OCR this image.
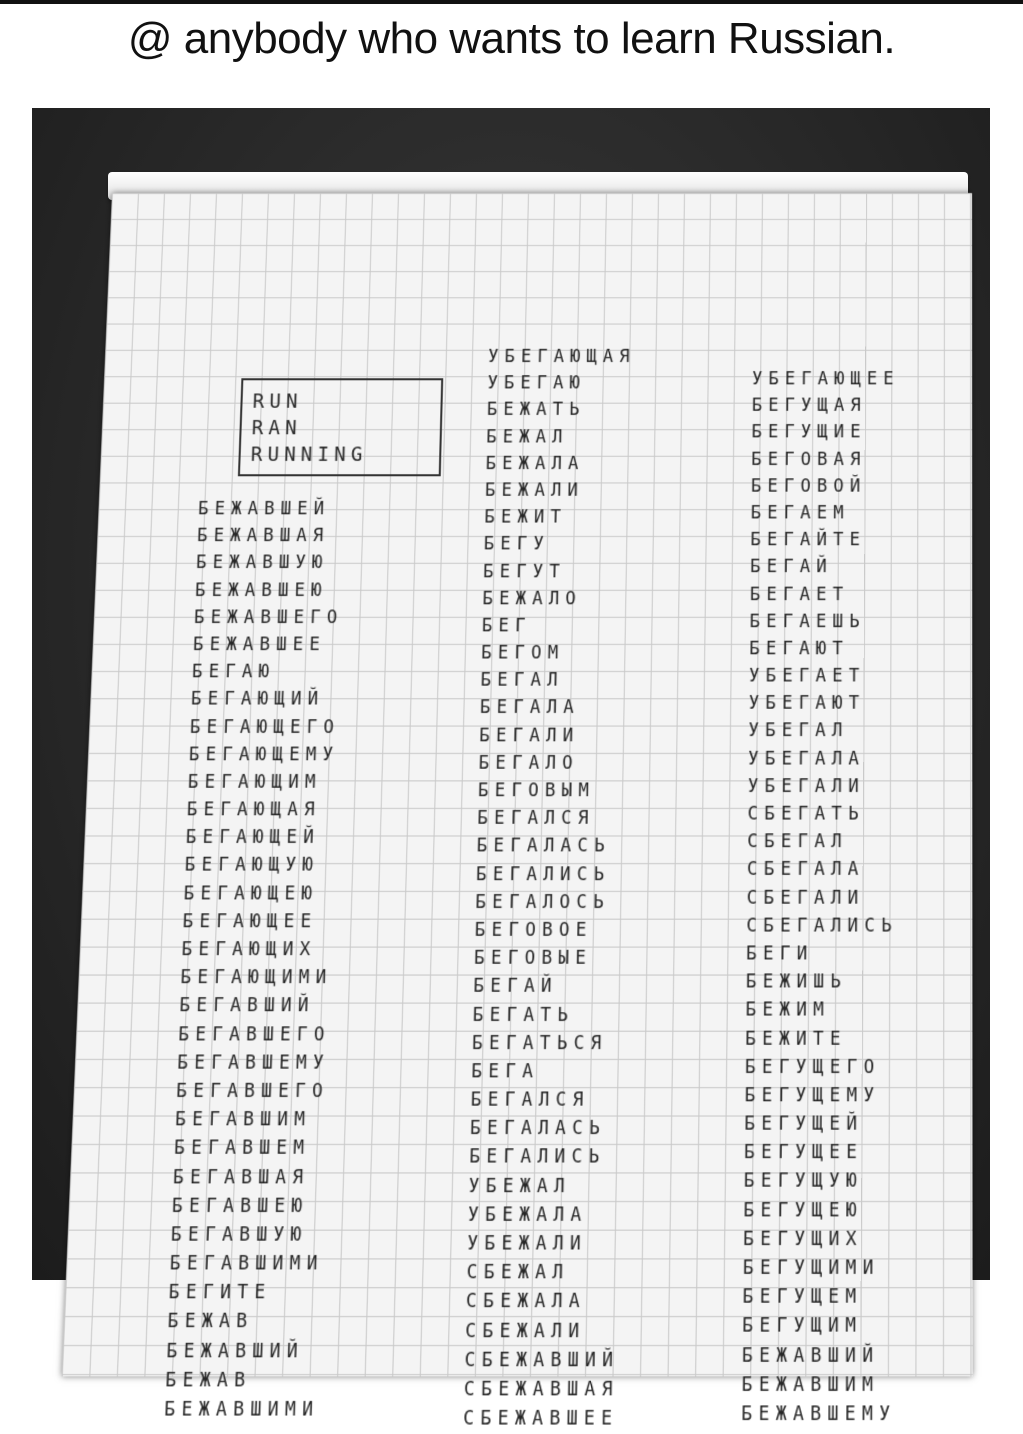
@ anybody who wants to learn Russian.
RUN
RAN
RUNNING
БЕЖАВШЕЙ
БЕЖАВШАЯ
БЕЖАВШУЮ
БЕЖАВШЕЮ
БЕЖАВШЕГО
БЕЖАВШЕЕ
БЕГАЮ
БЕГАЮЩИЙ
БЕГАЮЩЕГО
БЕГАЮЩЕМУ
БЕГАЮЩИМ
БЕГАЮЩАЯ
БЕГАЮЩЕЙ
БЕГАЮЩУЮ
БЕГАЮЩЕЮ
БЕГАЮЩЕЕ
БЕГАЮЩИХ
БЕГАЮЩИМИ
БЕГАВШИЙ
БЕГАВШЕГО
БЕГАВШЕМУ
БЕГАВШЕГО
БЕГАВШИМ
БЕГАВШЕМ
БЕГАВШАЯ
БЕГАВШЕЮ
БЕГАВШУЮ
БЕГАВШИМИ
БЕГИТЕ
БЕЖАВ
БЕЖАВШИЙ
БЕЖАВ
БЕЖАВШИМИ
УБЕГАЮЩАЯ
УБЕГАЮ
БЕЖАТЬ
БЕЖАЛ
БЕЖАЛА
БЕЖАЛИ
БЕЖИТ
БЕГУ
БЕГУТ
БЕЖАЛО
БЕГ
БЕГОМ
БЕГАЛ
БЕГАЛА
БЕГАЛИ
БЕГАЛО
БЕГОВЫМ
БЕГАЛСЯ
БЕГАЛАСЬ
БЕГАЛИСЬ
БЕГАЛОСЬ
БЕГОВОЕ
БЕГОВЫЕ
БЕГАЙ
БЕГАТЬ
БЕГАТЬСЯ
БЕГА
БЕГАЛСЯ
БЕГАЛАСЬ
БЕГАЛИСЬ
УБЕЖАЛ
УБЕЖАЛА
УБЕЖАЛИ
СБЕЖАЛ
СБЕЖАЛА
СБЕЖАЛИ
СБЕЖАВШИЙ
СБЕЖАВШАЯ
СБЕЖАВШЕЕ
УБЕГАЮЩЕЕ
БЕГУЩАЯ
БЕГУЩИЕ
БЕГОВАЯ
БЕГОВОЙ
БЕГАЕМ
БЕГАЙТЕ
БЕГАЙ
БЕГАЕТ
БЕГАЕШЬ
БЕГАЮТ
УБЕГАЕТ
УБЕГАЮТ
УБЕГАЛ
УБЕГАЛА
УБЕГАЛИ
СБЕГАТЬ
СБЕГАЛ
СБЕГАЛА
СБЕГАЛИ
СБЕГАЛИСЬ
БЕГИ
БЕЖИШЬ
БЕЖИМ
БЕЖИТЕ
БЕГУЩЕГО
БЕГУЩЕМУ
БЕГУЩЕЙ
БЕГУЩЕЕ
БЕГУЩУЮ
БЕГУЩЕЮ
БЕГУЩИХ
БЕГУЩИМИ
БЕГУЩЕМ
БЕГУЩИМ
БЕЖАВШИЙ
БЕЖАВШИМ
БЕЖАВШЕМУ
